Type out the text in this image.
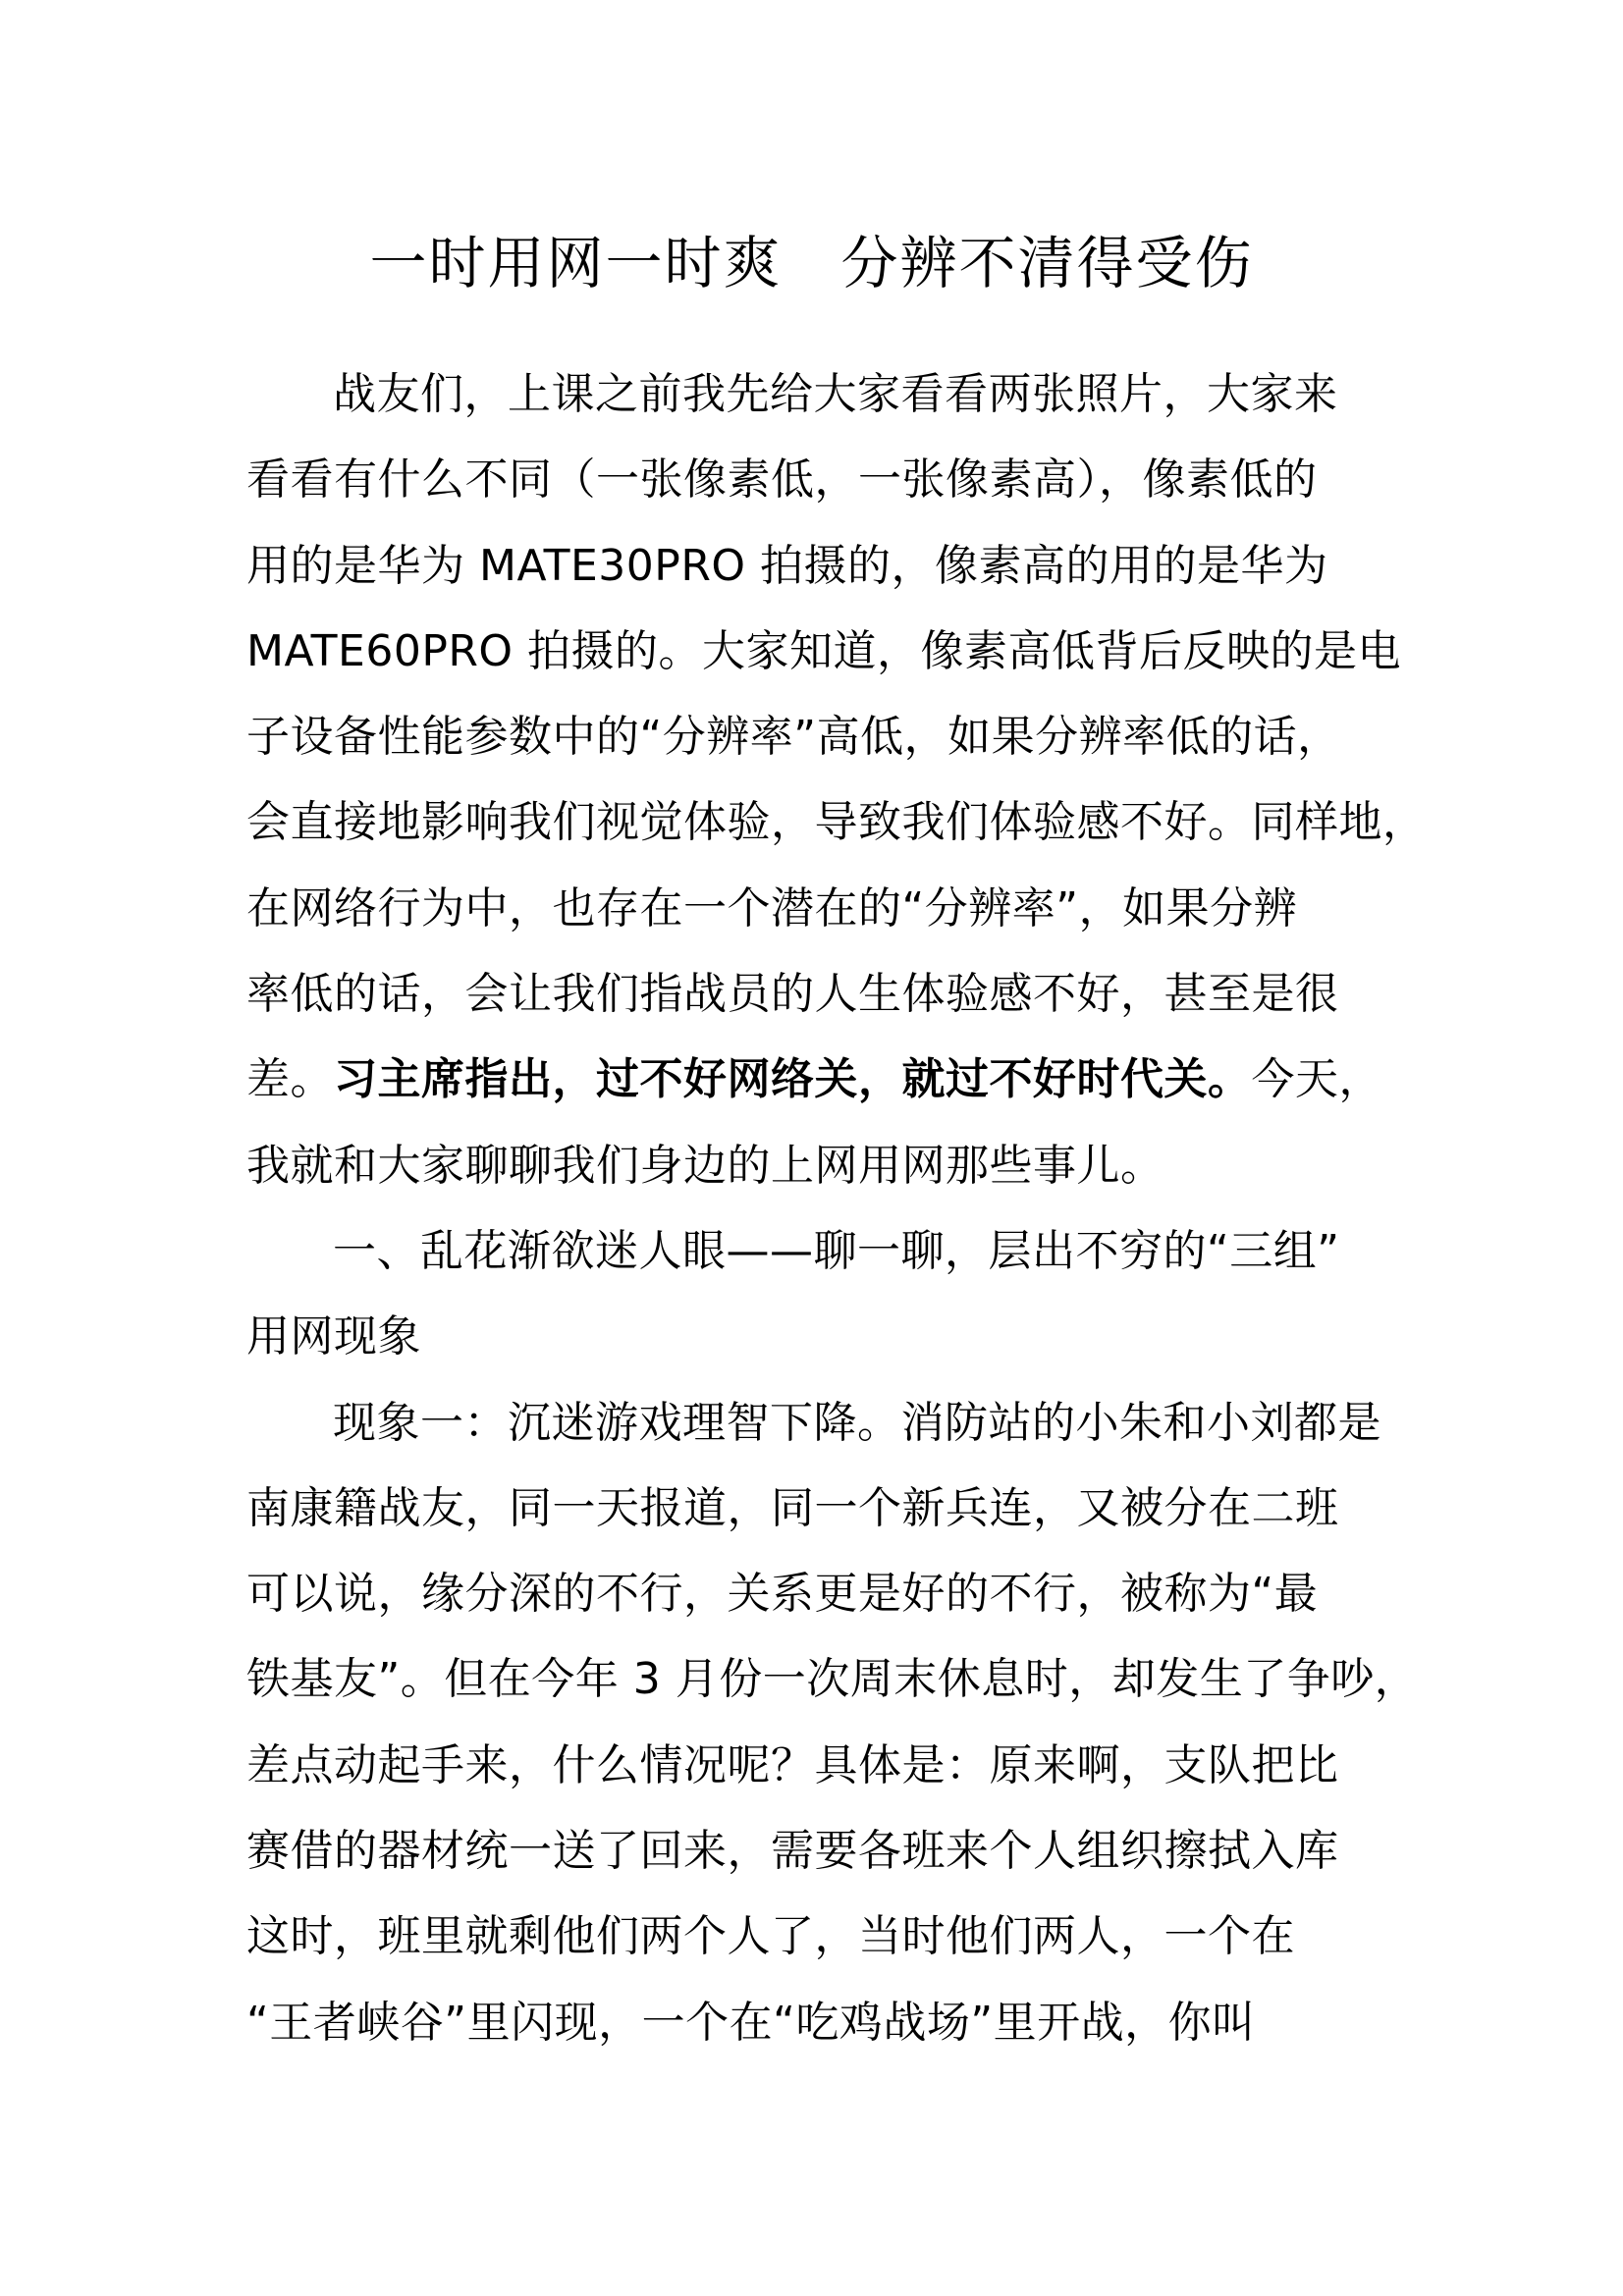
一时用网一时爽　分辨不清得受伤
战友们，上课之前我先给大家看看两张照片，大家来
看看有什么不同（一张像素低，一张像素高），像素低的
用的是华为 MATE30PRO 拍摄的，像素高的用的是华为
MATE60PRO 拍摄的。大家知道，像素高低背后反映的是电
子设备性能参数中的“分辨率”高低，如果分辨率低的话，
会直接地影响我们视觉体验，导致我们体验感不好。同样地，
在网络行为中，也存在一个潜在的“分辨率”，如果分辨
率低的话，会让我们指战员的人生体验感不好，甚至是很
差。习主席指出，过不好网络关，就过不好时代关。今天，
我就和大家聊聊我们身边的上网用网那些事儿。
一、乱花渐欲迷人眼——聊一聊，层出不穷的“三组”
用网现象
现象一：沉迷游戏理智下降。消防站的小朱和小刘都是
南康籍战友，同一天报道，同一个新兵连，又被分在二班
可以说，缘分深的不行，关系更是好的不行，被称为“最
铁基友”。但在今年 3 月份一次周末休息时，却发生了争吵，
差点动起手来，什么情况呢？具体是：原来啊，支队把比
赛借的器材统一送了回来，需要各班来个人组织擦拭入库
这时，班里就剩他们两个人了，当时他们两人，一个在
“王者峡谷”里闪现，一个在“吃鸡战场”里开战，你叫
